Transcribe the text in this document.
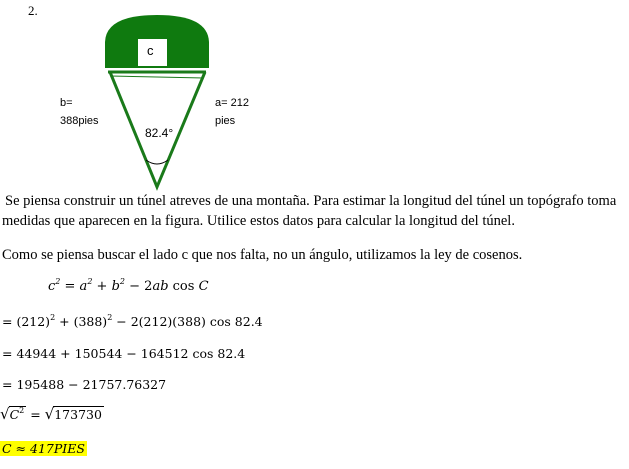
2.
c
b=
388pies
a= 212
pies
82.4°
Se piensa construir un túnel atreves de una montaña. Para estimar la longitud del túnel un topógrafo toma
medidas que aparecen en la figura. Utilice estos datos para calcular la longitud del túnel.
Como se piensa buscar el lado c que nos falta, no un ángulo, utilizamos la ley de cosenos.
$c^2 = a^2 + b^2 - 2ab$ cos C
= $(212)^2 + (388)^2 - 2(212)(388)$ cos 82.4
= 44944 + 150544 − 164512 cos 82.4
= 195488 − 21757.76327
$√C^2 = √173730$
C ≈ 417PIES
